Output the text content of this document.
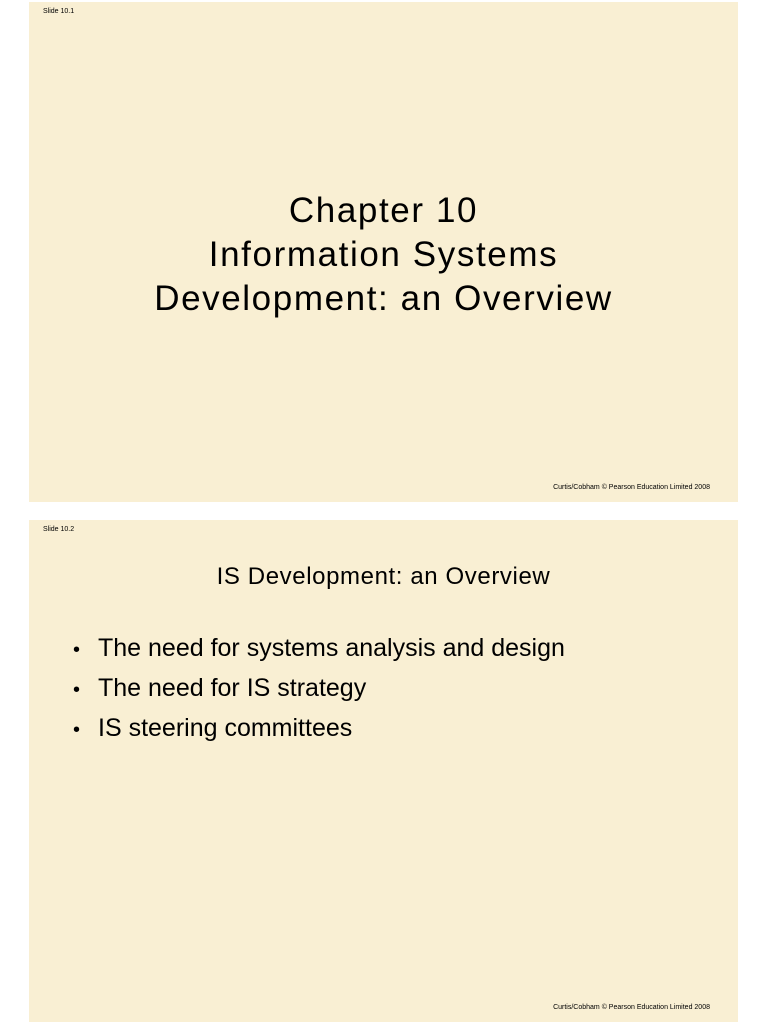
Slide 10.1
Chapter 10
Information Systems
Development: an Overview
Curtis/Cobham © Pearson Education Limited 2008
Slide 10.2
IS Development: an Overview
• The need for systems analysis and design
• The need for IS strategy
• IS steering committees
Curtis/Cobham © Pearson Education Limited 2008
